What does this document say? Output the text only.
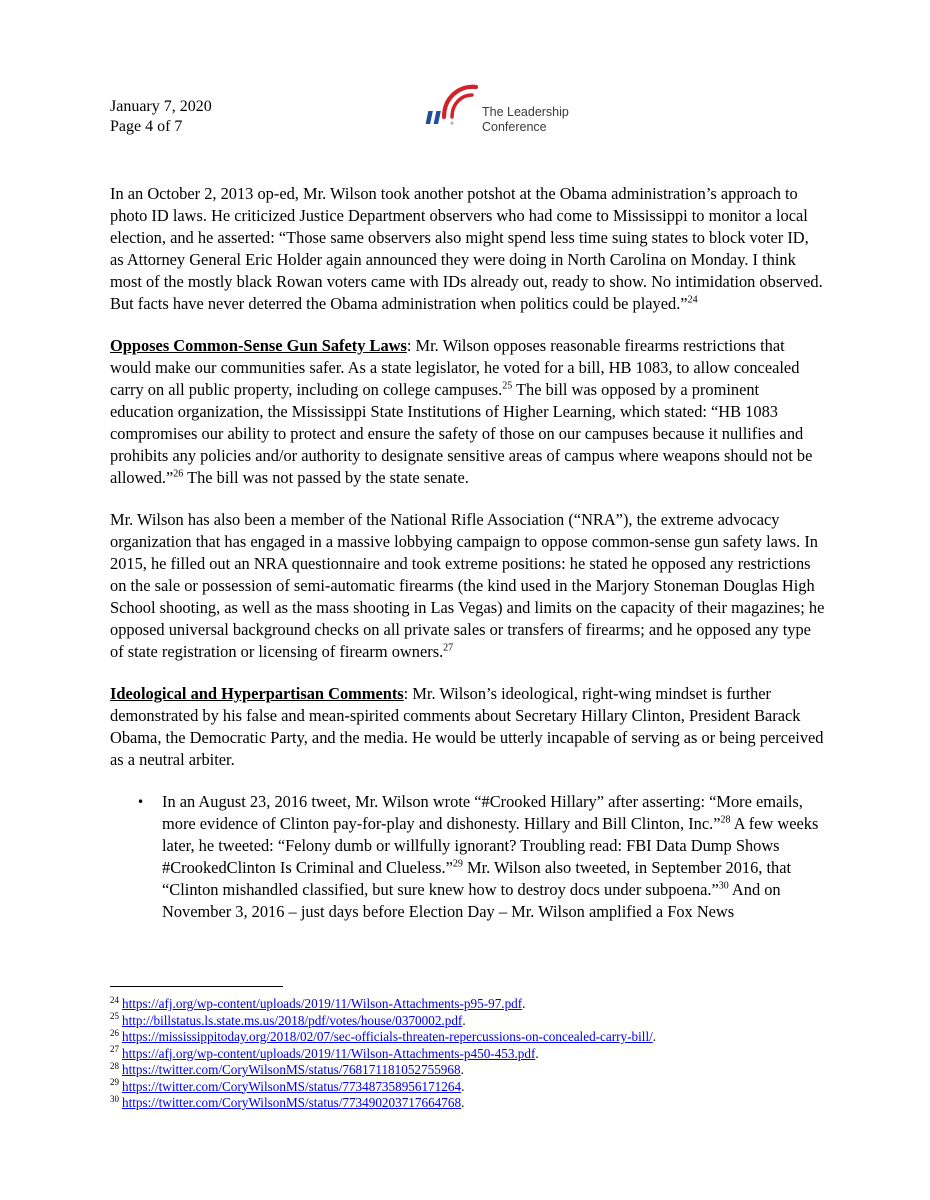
January 7, 2020
Page 4 of 7	®
The Leadership
Conference

In an October 2, 2013 op-ed, Mr. Wilson took another potshot at the Obama administration’s approach to photo ID laws. He criticized Justice Department observers who had come to Mississippi to monitor a local election, and he asserted: “Those same observers also might spend less time suing states to block voter ID, as Attorney General Eric Holder again announced they were doing in North Carolina on Monday. I think most of the mostly black Rowan voters came with IDs already out, ready to show. No intimidation observed. But facts have never deterred the Obama administration when politics could be played.”$^{24}$

Opposes Common-Sense Gun Safety Laws: Mr. Wilson opposes reasonable firearms restrictions that would make our communities safer. As a state legislator, he voted for a bill, HB 1083, to allow concealed carry on all public property, including on college campuses.$^{25}$ The bill was opposed by a prominent education organization, the Mississippi State Institutions of Higher Learning, which stated: “HB 1083 compromises our ability to protect and ensure the safety of those on our campuses because it nullifies and prohibits any policies and/or authority to designate sensitive areas of campus where weapons should not be allowed.”$^{26}$ The bill was not passed by the state senate.

Mr. Wilson has also been a member of the National Rifle Association (“NRA”), the extreme advocacy organization that has engaged in a massive lobbying campaign to oppose common-sense gun safety laws. In 2015, he filled out an NRA questionnaire and took extreme positions: he stated he opposed any restrictions on the sale or possession of semi-automatic firearms (the kind used in the Marjory Stoneman Douglas High School shooting, as well as the mass shooting in Las Vegas) and limits on the capacity of their magazines; he opposed universal background checks on all private sales or transfers of firearms; and he opposed any type of state registration or licensing of firearm owners.$^{27}$

Ideological and Hyperpartisan Comments: Mr. Wilson’s ideological, right-wing mindset is further demonstrated by his false and mean-spirited comments about Secretary Hillary Clinton, President Barack Obama, the Democratic Party, and the media. He would be utterly incapable of serving as or being perceived as a neutral arbiter.

• In an August 23, 2016 tweet, Mr. Wilson wrote “#Crooked Hillary” after asserting: “More emails, more evidence of Clinton pay-for-play and dishonesty. Hillary and Bill Clinton, Inc.”$^{28}$ A few weeks later, he tweeted: “Felony dumb or willfully ignorant? Troubling read: FBI Data Dump Shows #CrookedClinton Is Criminal and Clueless.”$^{29}$ Mr. Wilson also tweeted, in September 2016, that “Clinton mishandled classified, but sure knew how to destroy docs under subpoena.”$^{30}$ And on November 3, 2016 – just days before Election Day – Mr. Wilson amplified a Fox News
$^{24}$ https://afj.org/wp-content/uploads/2019/11/Wilson-Attachments-p95-97.pdf.
$^{25}$ http://billstatus.ls.state.ms.us/2018/pdf/votes/house/0370002.pdf.
$^{26}$ https://mississippitoday.org/2018/02/07/sec-officials-threaten-repercussions-on-concealed-carry-bill/.
$^{27}$ https://afj.org/wp-content/uploads/2019/11/Wilson-Attachments-p450-453.pdf.
$^{28}$ https://twitter.com/CoryWilsonMS/status/768171181052755968.
$^{29}$ https://twitter.com/CoryWilsonMS/status/773487358956171264.
$^{30}$ https://twitter.com/CoryWilsonMS/status/773490203717664768.
